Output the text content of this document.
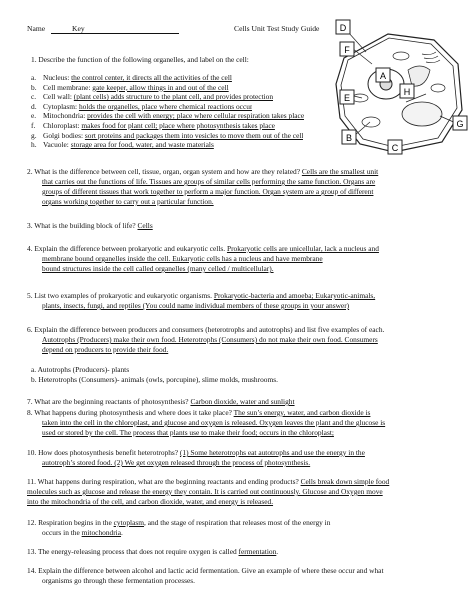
Name	Key	Cells Unit Test Study Guide
1. Describe the function of the following organelles, and label on the cell:
a. Nucleus: the control center, it directs all the activities of the cell
b. Cell membrane: gate keeper, allow things in and out of the cell
c. Cell wall: (plant cells) adds structure to the plant cell, and provides protection
d. Cytoplasm: holds the organelles, place where chemical reactions occur
e. Mitochondria: provides the cell with energy; place where cellular respiration takes place
f. Chloroplast: makes food for plant cell; place where photosynthesis takes place
g. Golgi bodies: sort proteins and packages them into vesicles to move them out of the cell
h. Vacuole: storage area for food, water, and waste materials
D
F
A
H
E
G
B
C
2. What is the difference between cell, tissue, organ, organ system and how are they related? Cells are the smallest unit
that carries out the functions of life. Tissues are groups of similar cells performing the same function. Organs are
groups of different tissues that work together to perform a major function. Organ system are a group of different
organs working together to carry out a particular function.
3. What is the building block of life? Cells
4. Explain the difference between prokaryotic and eukaryotic cells. Prokaryotic cells are unicellular, lack a nucleus and
membrane bound organelles inside the cell. Eukaryotic cells has a nucleus and have membrane
bound structures inside the cell called organelles (many celled / multicellular).
5. List two examples of prokaryotic and eukaryotic organisms. Prokaryotic-bacteria and amoeba; Eukaryotic-animals,
plants, insects, fungi, and reptiles (You could name individual members of these groups in your answer)
6. Explain the difference between producers and consumers (heterotrophs and autotrophs) and list five examples of each.
Autotrophs (Producers) make their own food. Heterotrophs (Consumers) do not make their own food. Consumers
depend on producers to provide their food.
7. What are the beginning reactants of photosynthesis? Carbon dioxide, water and sunlight
8. What happens during photosynthesis and where does it take place? The sun’s energy, water, and carbon dioxide is
taken into the cell in the chloroplast, and glucose and oxygen is released. Oxygen leaves the plant and the glucose is
used or stored by the cell. The process that plants use to make their food; occurs in the chloroplast;
10. How does photosynthesis benefit heterotrophs? (1) Some heterotrophs eat autotrophs and use the energy in the
autotroph’s stored food. (2) We get oxygen released through the process of photosynthesis.
11. What happens during respiration, what are the beginning reactants and ending products? Cells break down simple food
molecules such as glucose and release the energy they contain. It is carried out continuously. Glucose and Oxygen move
into the mitochondria of the cell, and carbon dioxide, water, and energy is released.
a. Autotrophs (Producers)- plants
b. Heterotrophs (Consumers)- animals (owls, porcupine), slime molds, mushrooms.
12. Respiration begins in the cytoplasm, and the stage of respiration that releases most of the energy in
occurs in the mitochondria.
13. The energy-releasing process that does not require oxygen is called fermentation.
14. Explain the difference between alcohol and lactic acid fermentation. Give an example of where these occur and what
organisms go through these fermentation processes.
